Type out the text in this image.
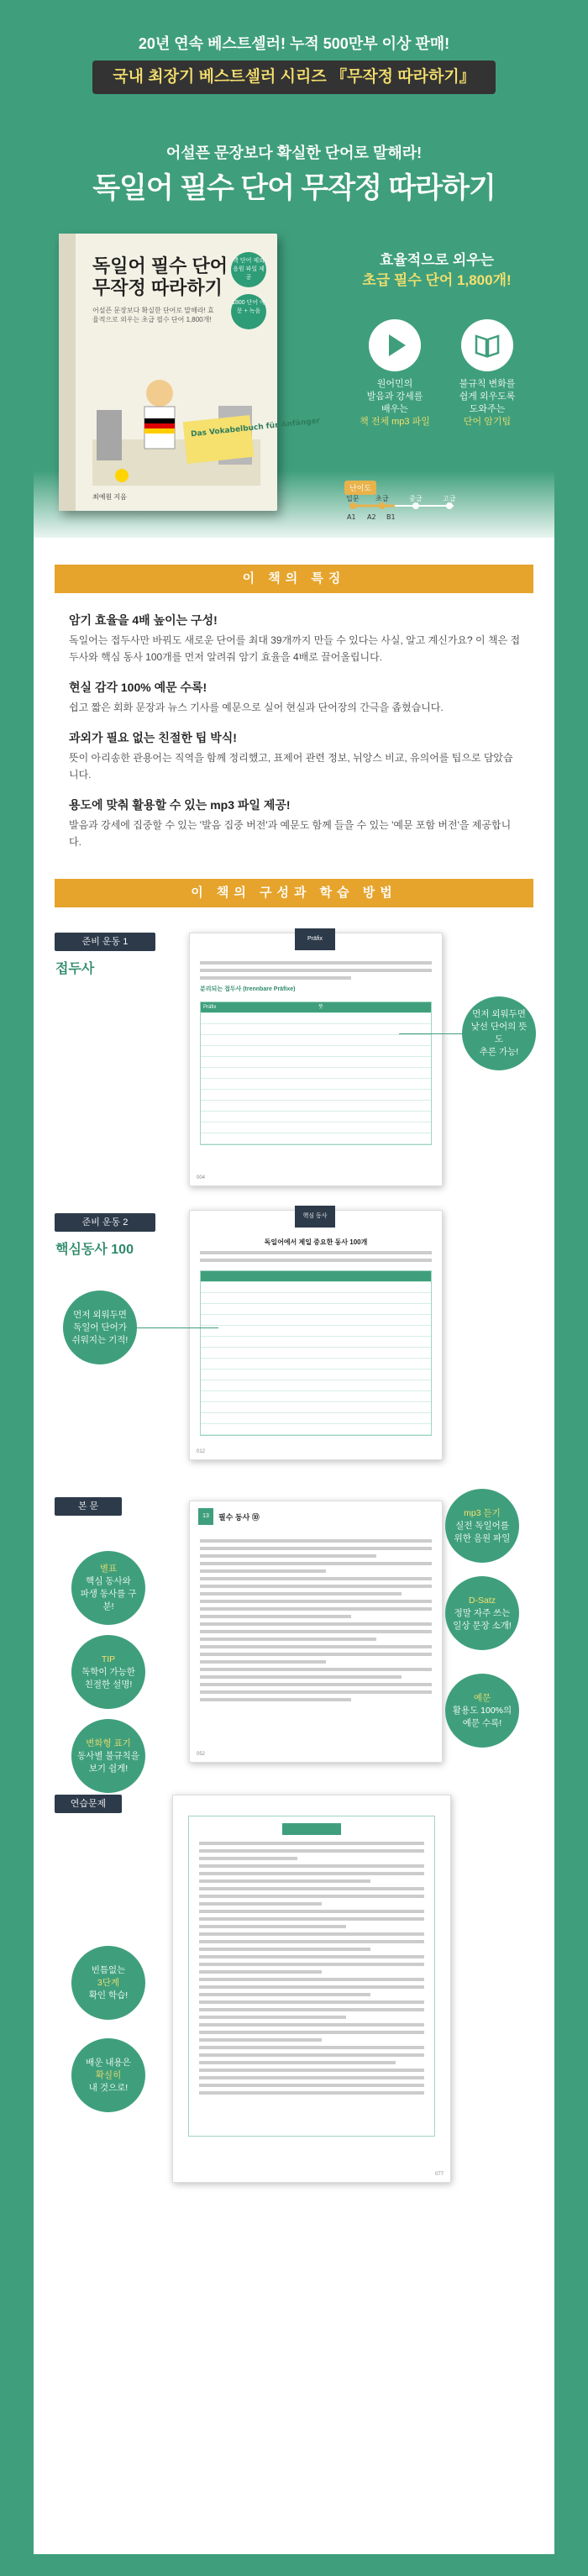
20년 연속 베스트셀러! 누적 500만부 이상 판매!
국내 최장기 베스트셀러 시리즈 『무작정 따라하기』
어설픈 문장보다 확실한 단어로 말해라!
독일어 필수 단어 무작정 따라하기
효율적으로 외우는
초급 필수 단어 1,800개!
원어민의
발음과 강세를
배우는
책 전체 mp3 파일
불규칙 변화를
쉽게 외우도록
도와주는
단어 암기팁
독일어 필수 단어
무작정 따라하기
어설픈 문장보다 확실한 단어로 말해라! 효율적으로 외우는 초급 필수 단어 1,800개!
핵 단어 제외 음원 파일 제공
1800 단어 예문 + 녹음
Das Vokabelbuch für Anfänger
최예원 지음
난이도
입문 초급	중급	고급
A1 A2 B1
이 책의 특징
암기 효율을 4배 높이는 구성!

독일어는 접두사만 바꿔도 새로운 단어를 최대 39개까지 만들 수 있다는 사실, 알고 계신가요? 이 책은 접두사와 핵심 동사 100개를 먼저 알려줘 암기 효율을 4배로 끌어올립니다.

현실 감각 100% 예문 수록!

쉽고 짧은 회화 문장과 뉴스 기사를 예문으로 실어 현실과 단어장의 간극을 좁혔습니다.

과외가 필요 없는 친절한 팁 박식!

뜻이 아리송한 관용어는 직역을 함께 정리했고, 표제어 관련 정보, 뉘앙스 비교, 유의어를 팁으로 담았습니다.

용도에 맞춰 활용할 수 있는 mp3 파일 제공!

발음과 강세에 집중할 수 있는 '발음 집중 버전'과 예문도 함께 들을 수 있는 '예문 포함 버전'을 제공합니다.

이 책의 구성과 학습 방법
준비 운동 1
접두사
Präfix
분리되는 접두사 (trennbare Präfixe)
Präfix	뜻
004
먼저 외워두면
낯선 단어의 뜻도
추론 가능!
준비 운동 2
핵심동사 100
핵심 동사
독일어에서 제일 중요한 동사 100개
012
먼저 외워두면
독일어 단어가
쉬워지는 기적!
본 문
13	필수 동사 ⑩
052
별표
핵심 동사와
파생 동사를 구분!
TIP
독학이 가능한
친절한 설명!
변화형 표기
동사별 불규칙을
보기 쉽게!
mp3 듣기
실전 독일어를
위한 음원 파일
D-Satz
정말 자주 쓰는
일상 문장 소개!
예문
활용도 100%의
예문 수록!
연습문제
077
빈틈없는
3단계
확인 학습!
배운 내용은
확실히
내 것으로!
